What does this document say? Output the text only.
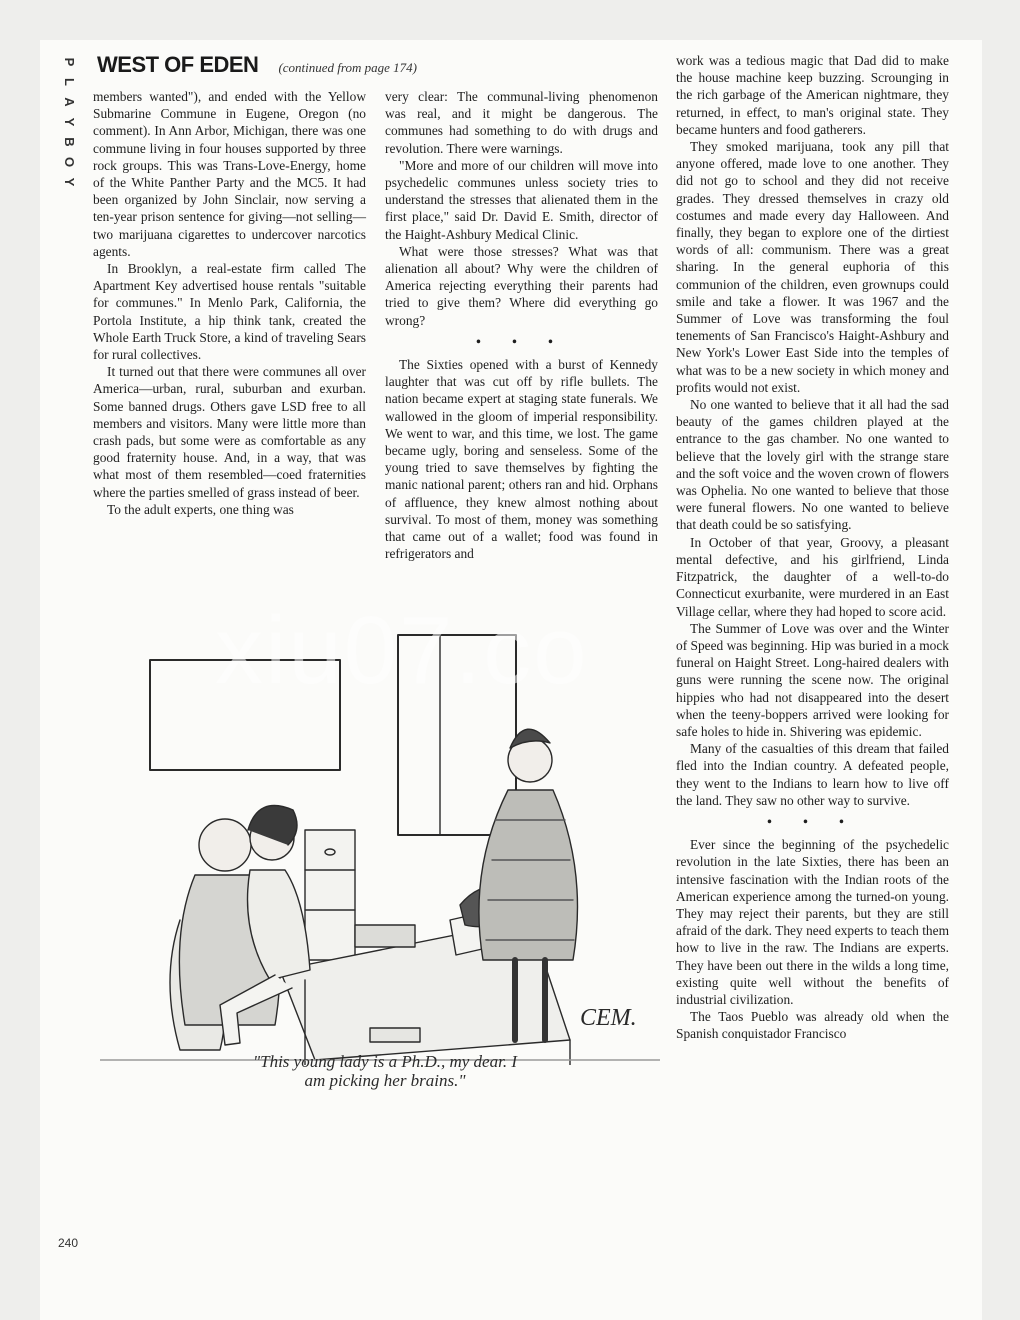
P
L
A
Y
B
O
Y
WEST OF EDEN (continued from page 174)

members wanted"), and ended with the Yellow Submarine Commune in Eugene, Oregon (no comment). In Ann Arbor, Michigan, there was one commune living in four houses supported by three rock groups. This was Trans-Love-Energy, home of the White Panther Party and the MC5. It had been organized by John Sinclair, now serving a ten-year prison sentence for giving—not selling—two marijuana cigarettes to undercover narcotics agents.

In Brooklyn, a real-estate firm called The Apartment Key advertised house rentals "suitable for communes." In Menlo Park, California, the Portola Institute, a hip think tank, created the Whole Earth Truck Store, a kind of traveling Sears for rural collectives.

It turned out that there were communes all over America—urban, rural, suburban and exurban. Some banned drugs. Others gave LSD free to all members and visitors. Many were little more than crash pads, but some were as comfortable as any good fraternity house. And, in a way, that was what most of them resembled—coed fraternities where the parties smelled of grass instead of beer.

To the adult experts, one thing was

very clear: The communal-living phenomenon was real, and it might be dangerous. The communes had something to do with drugs and revolution. There were warnings.

"More and more of our children will move into psychedelic communes unless society tries to understand the stresses that alienated them in the first place," said Dr. David E. Smith, director of the Haight-Ashbury Medical Clinic.

What were those stresses? What was that alienation all about? Why were the children of America rejecting everything their parents had tried to give them? Where did everything go wrong?

• • •

The Sixties opened with a burst of Kennedy laughter that was cut off by rifle bullets. The nation became expert at staging state funerals. We wallowed in the gloom of imperial responsibility. We went to war, and this time, we lost. The game became ugly, boring and senseless. Some of the young tried to save themselves by fighting the manic national parent; others ran and hid. Orphans of affluence, they knew almost nothing about survival. To most of them, money was something that came out of a wallet; food was found in refrigerators and

work was a tedious magic that Dad did to make the house machine keep buzzing. Scrounging in the rich garbage of the American nightmare, they returned, in effect, to man's original state. They became hunters and food gatherers.

They smoked marijuana, took any pill that anyone offered, made love to one another. They did not go to school and they did not receive grades. They dressed themselves in crazy old costumes and made every day Halloween. And finally, they began to explore one of the dirtiest words of all: communism. There was a great sharing. In the general euphoria of this communion of the children, even grownups could smile and take a flower. It was 1967 and the Summer of Love was transforming the foul tenements of San Francisco's Haight-Ashbury and New York's Lower East Side into the temples of what was to be a new society in which money and profits would not exist.

No one wanted to believe that it all had the sad beauty of the games children played at the entrance to the gas chamber. No one wanted to believe that the lovely girl with the strange stare and the soft voice and the woven crown of flowers was Ophelia. No one wanted to believe that those were funeral flowers. No one wanted to believe that death could be so satisfying.

In October of that year, Groovy, a pleasant mental defective, and his girlfriend, Linda Fitzpatrick, the daughter of a well-to-do Connecticut exurbanite, were murdered in an East Village cellar, where they had hoped to score acid.

The Summer of Love was over and the Winter of Speed was beginning. Hip was buried in a mock funeral on Haight Street. Long-haired dealers with guns were running the scene now. The original hippies who had not disappeared into the desert when the teeny-boppers arrived were looking for safe holes to hide in. Shivering was epidemic.

Many of the casualties of this dream that failed fled into the Indian country. A defeated people, they went to the Indians to learn how to live off the land. They saw no other way to survive.

• • •

Ever since the beginning of the psychedelic revolution in the late Sixties, there has been an intensive fascination with the Indian roots of the American experience among the turned-on young. They may reject their parents, but they are still afraid of the dark. They need experts to teach them how to live in the raw. The Indians are experts. They have been out there in the wilds a long time, existing quite well without the benefits of industrial civilization.

The Taos Pueblo was already old when the Spanish conquistador Francisco

CEM.
"This young lady is a Ph.D., my dear. I
am picking her brains."
240
xiu07.co
